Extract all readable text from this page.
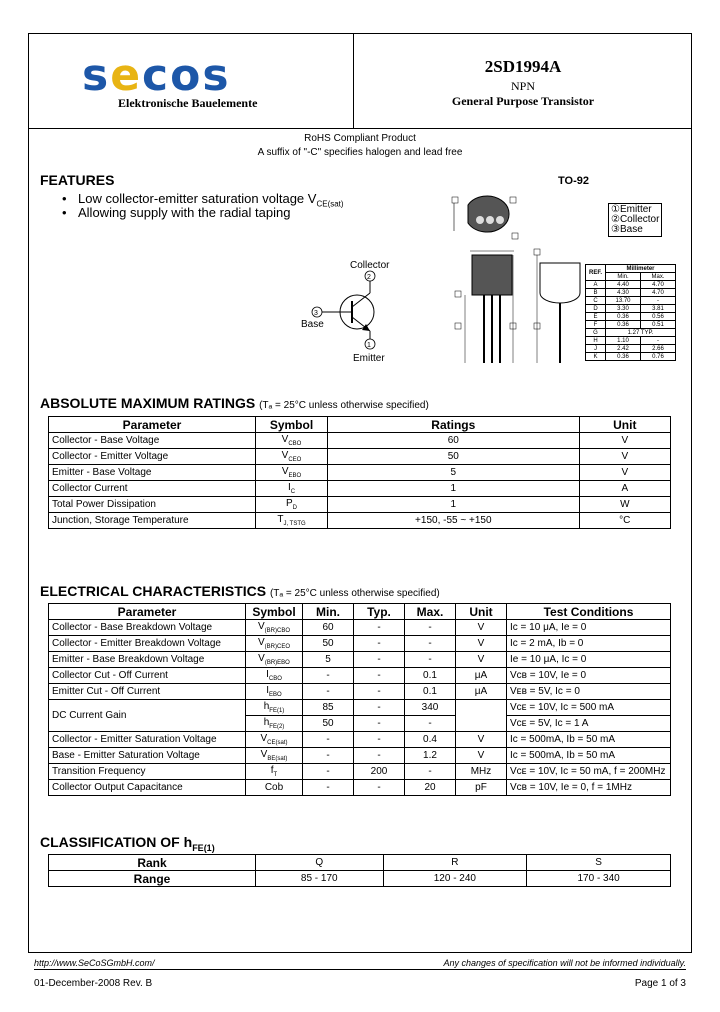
secos
Elektronische Bauelemente
2SD1994A
NPN
General Purpose Transistor
RoHS Compliant Product
A suffix of "-C" specifies halogen and lead free
FEATURES
• Low collector-emitter saturation voltage $V_{CE(sat)}$
• Allowing supply with the radial taping
Collector
2
3
Base
1
Emitter
TO-92
①Emitter
②Collector
③Base
REF.	Millimeter	
	Min.	Max.
A	4.40	4.70
B	4.30	4.70
C	13.70	-
D	3.30	3.81
E	0.36	0.56
F	0.36	0.51
G	1.27 TYP.	
H	1.10	-
J	2.42	2.66
K	0.36	0.76
ABSOLUTE MAXIMUM RATINGS (Tₐ = 25°C unless otherwise specified)
Parameter	Symbol	Ratings	Unit
Collector - Base Voltage	$V_{CBO}$	60	V
Collector - Emitter Voltage	$V_{CEO}$	50	V
Emitter - Base Voltage	$V_{EBO}$	5	V
Collector Current	$I_C$	1	A
Total Power Dissipation	$P_D$	1	W
Junction, Storage Temperature	$T_{J, TSTG}$	+150, -55 ~ +150	°C
ELECTRICAL CHARACTERISTICS (Tₐ = 25°C unless otherwise specified)
Parameter	Symbol	Min.	Typ.	Max.	Unit	Test Conditions
Collector - Base Breakdown Voltage	$V_{(BR)CBO}$	60	-	-	V	Ic = 10 μA, Ie = 0
Collector - Emitter Breakdown Voltage	$V_{(BR)CEO}$	50	-	-	V	Ic = 2 mA, Ib = 0
Emitter - Base Breakdown Voltage	$V_{(BR)EBO}$	5	-	-	V	Ie = 10 μA, Ic = 0
Collector Cut - Off Current	$I_{CBO}$	-	-	0.1	μA	Vᴄʙ = 10V, Ie = 0
Emitter Cut - Off Current	$I_{EBO}$	-	-	0.1	μA	Vᴇʙ = 5V, Ic = 0
DC Current Gain	$h_{FE(1)}$	85	-	340		Vᴄᴇ = 10V, Ic = 500 mA
	$h_{FE(2)}$	50	-	-		Vᴄᴇ = 5V, Ic = 1 A
Collector - Emitter Saturation Voltage	$V_{CE(sat)}$	-	-	0.4	V	Ic = 500mA, Ib = 50 mA
Base - Emitter Saturation Voltage	$V_{BE(sat)}$	-	-	1.2	V	Ic = 500mA, Ib = 50 mA
Transition Frequency	$f_T$	-	200	-	MHz	Vᴄᴇ = 10V, Ic = 50 mA, f = 200MHz
Collector Output Capacitance	Cob	-	-	20	pF	Vᴄʙ = 10V, Ie = 0, f = 1MHz
CLASSIFICATION OF $h_{FE(1)}$
Rank	Q	R	S
Range	85 - 170	120 - 240	170 - 340
http://www.SeCoSGmbH.com/	Any changes of specification will not be informed individually.
01-December-2008 Rev. B	Page 1 of 3
